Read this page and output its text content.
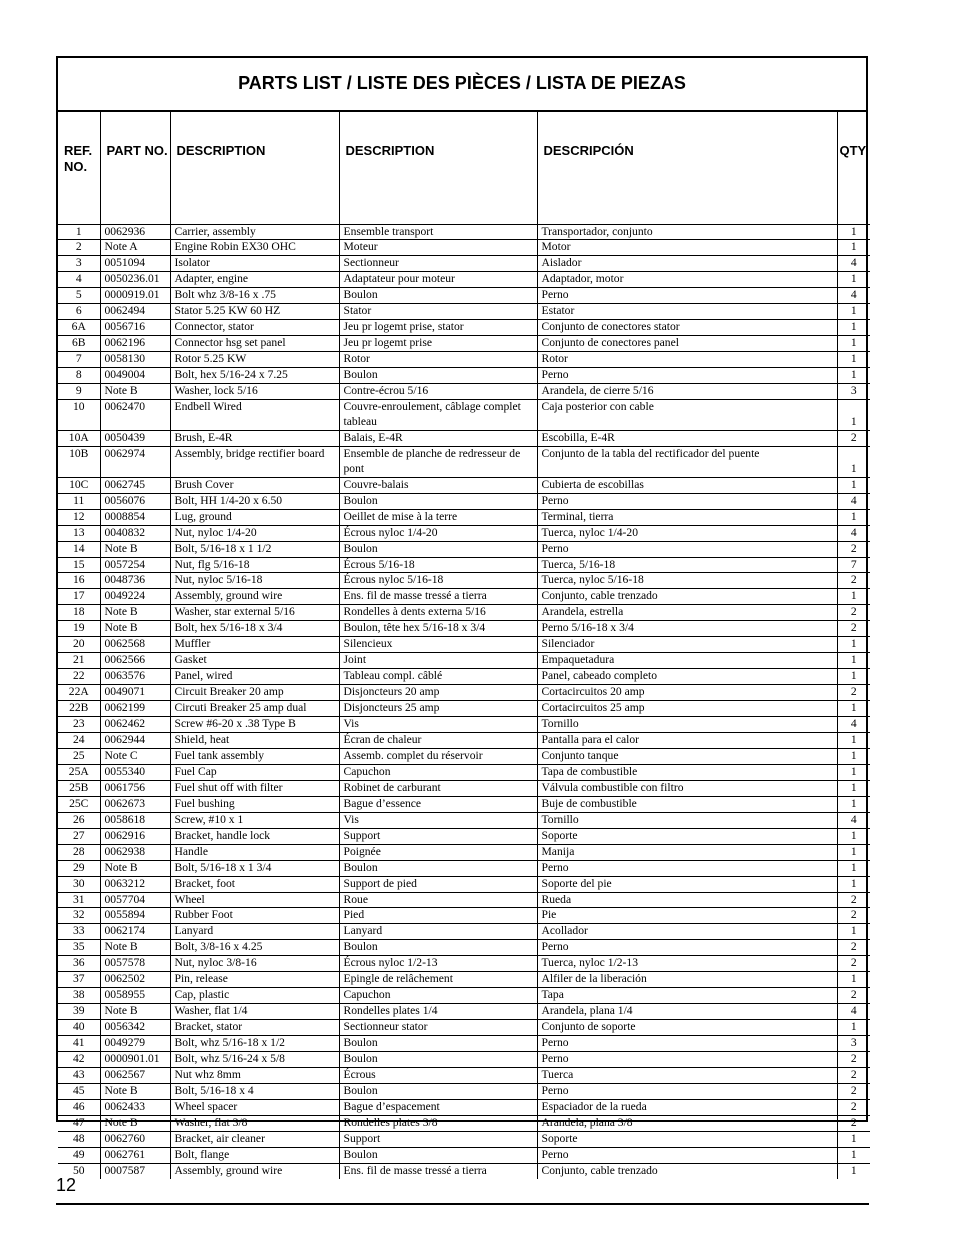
PARTS LIST / LISTE DES PIÈCES / LISTA DE PIEZAS
REF. NO.	PART NO.	DESCRIPTION	DESCRIPTION	DESCRIPCIÓN	QTY
1	0062936	Carrier, assembly	Ensemble transport	Transportador, conjunto	1
2	Note A	Engine Robin EX30 OHC	Moteur	Motor	1
3	0051094	Isolator	Sectionneur	Aislador	4
4	0050236.01	Adapter, engine	Adaptateur pour moteur	Adaptador, motor	1
5	0000919.01	Bolt whz 3/8-16 x .75	Boulon	Perno	4
6	0062494	Stator 5.25 KW 60 HZ	Stator	Estator	1
6A	0056716	Connector, stator	Jeu pr logemt prise, stator	Conjunto de conectores stator	1
6B	0062196	Connector hsg set panel	Jeu pr logemt prise	Conjunto de conectores panel	1
7	0058130	Rotor 5.25 KW	Rotor	Rotor	1
8	0049004	Bolt, hex 5/16-24 x 7.25	Boulon	Perno	1
9	Note B	Washer, lock 5/16	Contre-écrou 5/16	Arandela, de cierre 5/16	3
10	0062470	Endbell Wired	Couvre-enroulement, câblage complet tableau	Caja posterior con cable	1
10A	0050439	Brush, E-4R	Balais, E-4R	Escobilla, E-4R	2
10B	0062974	Assembly, bridge rectifier board	Ensemble de planche de redresseur de pont	Conjunto de la tabla del rectificador del puente	1
10C	0062745	Brush Cover	Couvre-balais	Cubierta de escobillas	1
11	0056076	Bolt, HH 1/4-20 x 6.50	Boulon	Perno	4
12	0008854	Lug, ground	Oeillet de mise à la terre	Terminal, tierra	1
13	0040832	Nut, nyloc 1/4-20	Écrous nyloc 1/4-20	Tuerca, nyloc 1/4-20	4
14	Note B	Bolt, 5/16-18 x 1 1/2	Boulon	Perno	2
15	0057254	Nut, flg 5/16-18	Écrous 5/16-18	Tuerca, 5/16-18	7
16	0048736	Nut, nyloc 5/16-18	Écrous nyloc 5/16-18	Tuerca, nyloc 5/16-18	2
17	0049224	Assembly, ground wire	Ens. fil de masse tressé a tierra	Conjunto, cable trenzado	1
18	Note B	Washer, star external 5/16	Rondelles à dents externa 5/16	Arandela, estrella	2
19	Note B	Bolt, hex 5/16-18 x 3/4	Boulon, tête hex 5/16-18 x 3/4	Perno 5/16-18 x 3/4	2
20	0062568	Muffler	Silencieux	Silenciador	1
21	0062566	Gasket	Joint	Empaquetadura	1
22	0063576	Panel, wired	Tableau compl. câblé	Panel, cabeado completo	1
22A	0049071	Circuit Breaker 20 amp	Disjoncteurs 20 amp	Cortacircuitos 20 amp	2
22B	0062199	Circuti Breaker 25 amp dual	Disjoncteurs 25 amp	Cortacircuitos 25 amp	1
23	0062462	Screw #6-20 x .38 Type B	Vis	Tornillo	4
24	0062944	Shield, heat	Écran de chaleur	Pantalla para el calor	1
25	Note C	Fuel tank assembly	Assemb. complet du réservoir	Conjunto tanque	1
25A	0055340	Fuel Cap	Capuchon	Tapa de combustible	1
25B	0061756	Fuel shut off with filter	Robinet de carburant	Válvula combustible con filtro	1
25C	0062673	Fuel bushing	Bague d’essence	Buje de combustible	1
26	0058618	Screw, #10 x 1	Vis	Tornillo	4
27	0062916	Bracket, handle lock	Support	Soporte	1
28	0062938	Handle	Poignée	Manija	1
29	Note B	Bolt, 5/16-18 x 1 3/4	Boulon	Perno	1
30	0063212	Bracket, foot	Support de pied	Soporte del pie	1
31	0057704	Wheel	Roue	Rueda	2
32	0055894	Rubber Foot	Pied	Pie	2
33	0062174	Lanyard	Lanyard	Acollador	1
35	Note B	Bolt, 3/8-16 x 4.25	Boulon	Perno	2
36	0057578	Nut, nyloc 3/8-16	Écrous nyloc 1/2-13	Tuerca, nyloc 1/2-13	2
37	0062502	Pin, release	Epingle de relâchement	Alfiler de la liberación	1
38	0058955	Cap, plastic	Capuchon	Tapa	2
39	Note B	Washer, flat 1/4	Rondelles plates 1/4	Arandela, plana 1/4	4
40	0056342	Bracket, stator	Sectionneur stator	Conjunto de soporte	1
41	0049279	Bolt, whz 5/16-18 x 1/2	Boulon	Perno	3
42	0000901.01	Bolt, whz 5/16-24 x 5/8	Boulon	Perno	2
43	0062567	Nut whz 8mm	Écrous	Tuerca	2
45	Note B	Bolt, 5/16-18 x 4	Boulon	Perno	2
46	0062433	Wheel spacer	Bague d’espacement	Espaciador de la rueda	2
47	Note B	Washer, flat 3/8	Rondelles plates 3/8	Arandela, plana 3/8	2
48	0062760	Bracket, air cleaner	Support	Soporte	1
49	0062761	Bolt, flange	Boulon	Perno	1
50	0007587	Assembly, ground wire	Ens. fil de masse tressé a tierra	Conjunto, cable trenzado	1
12
